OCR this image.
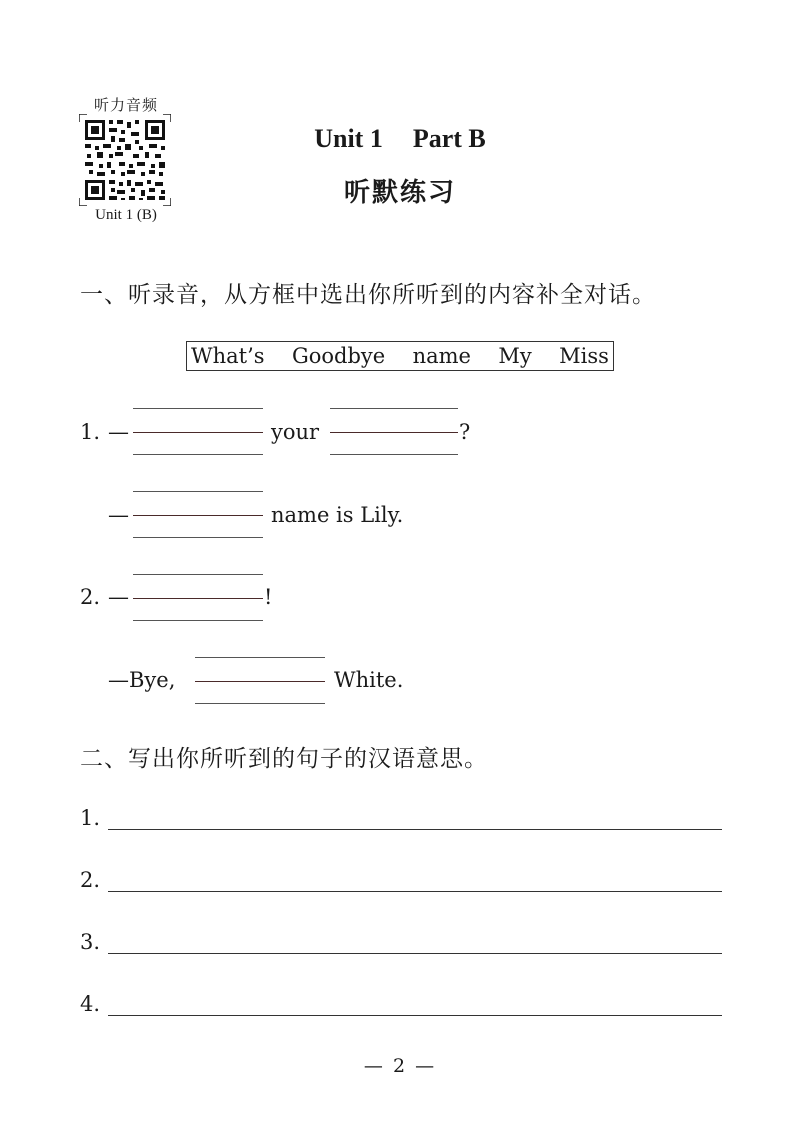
听力音频
Unit 1 (B)
Unit 1 Part B
听默练习
一、听录音，从方框中选出你所听到的内容补全对话。
What’s Goodbye name My Miss
1. —	your	?
—	name is Lily.
2. —	!
—Bye,	White.
二、写出你所听到的句子的汉语意思。
1.
2.
3.
4.
— 2 —
